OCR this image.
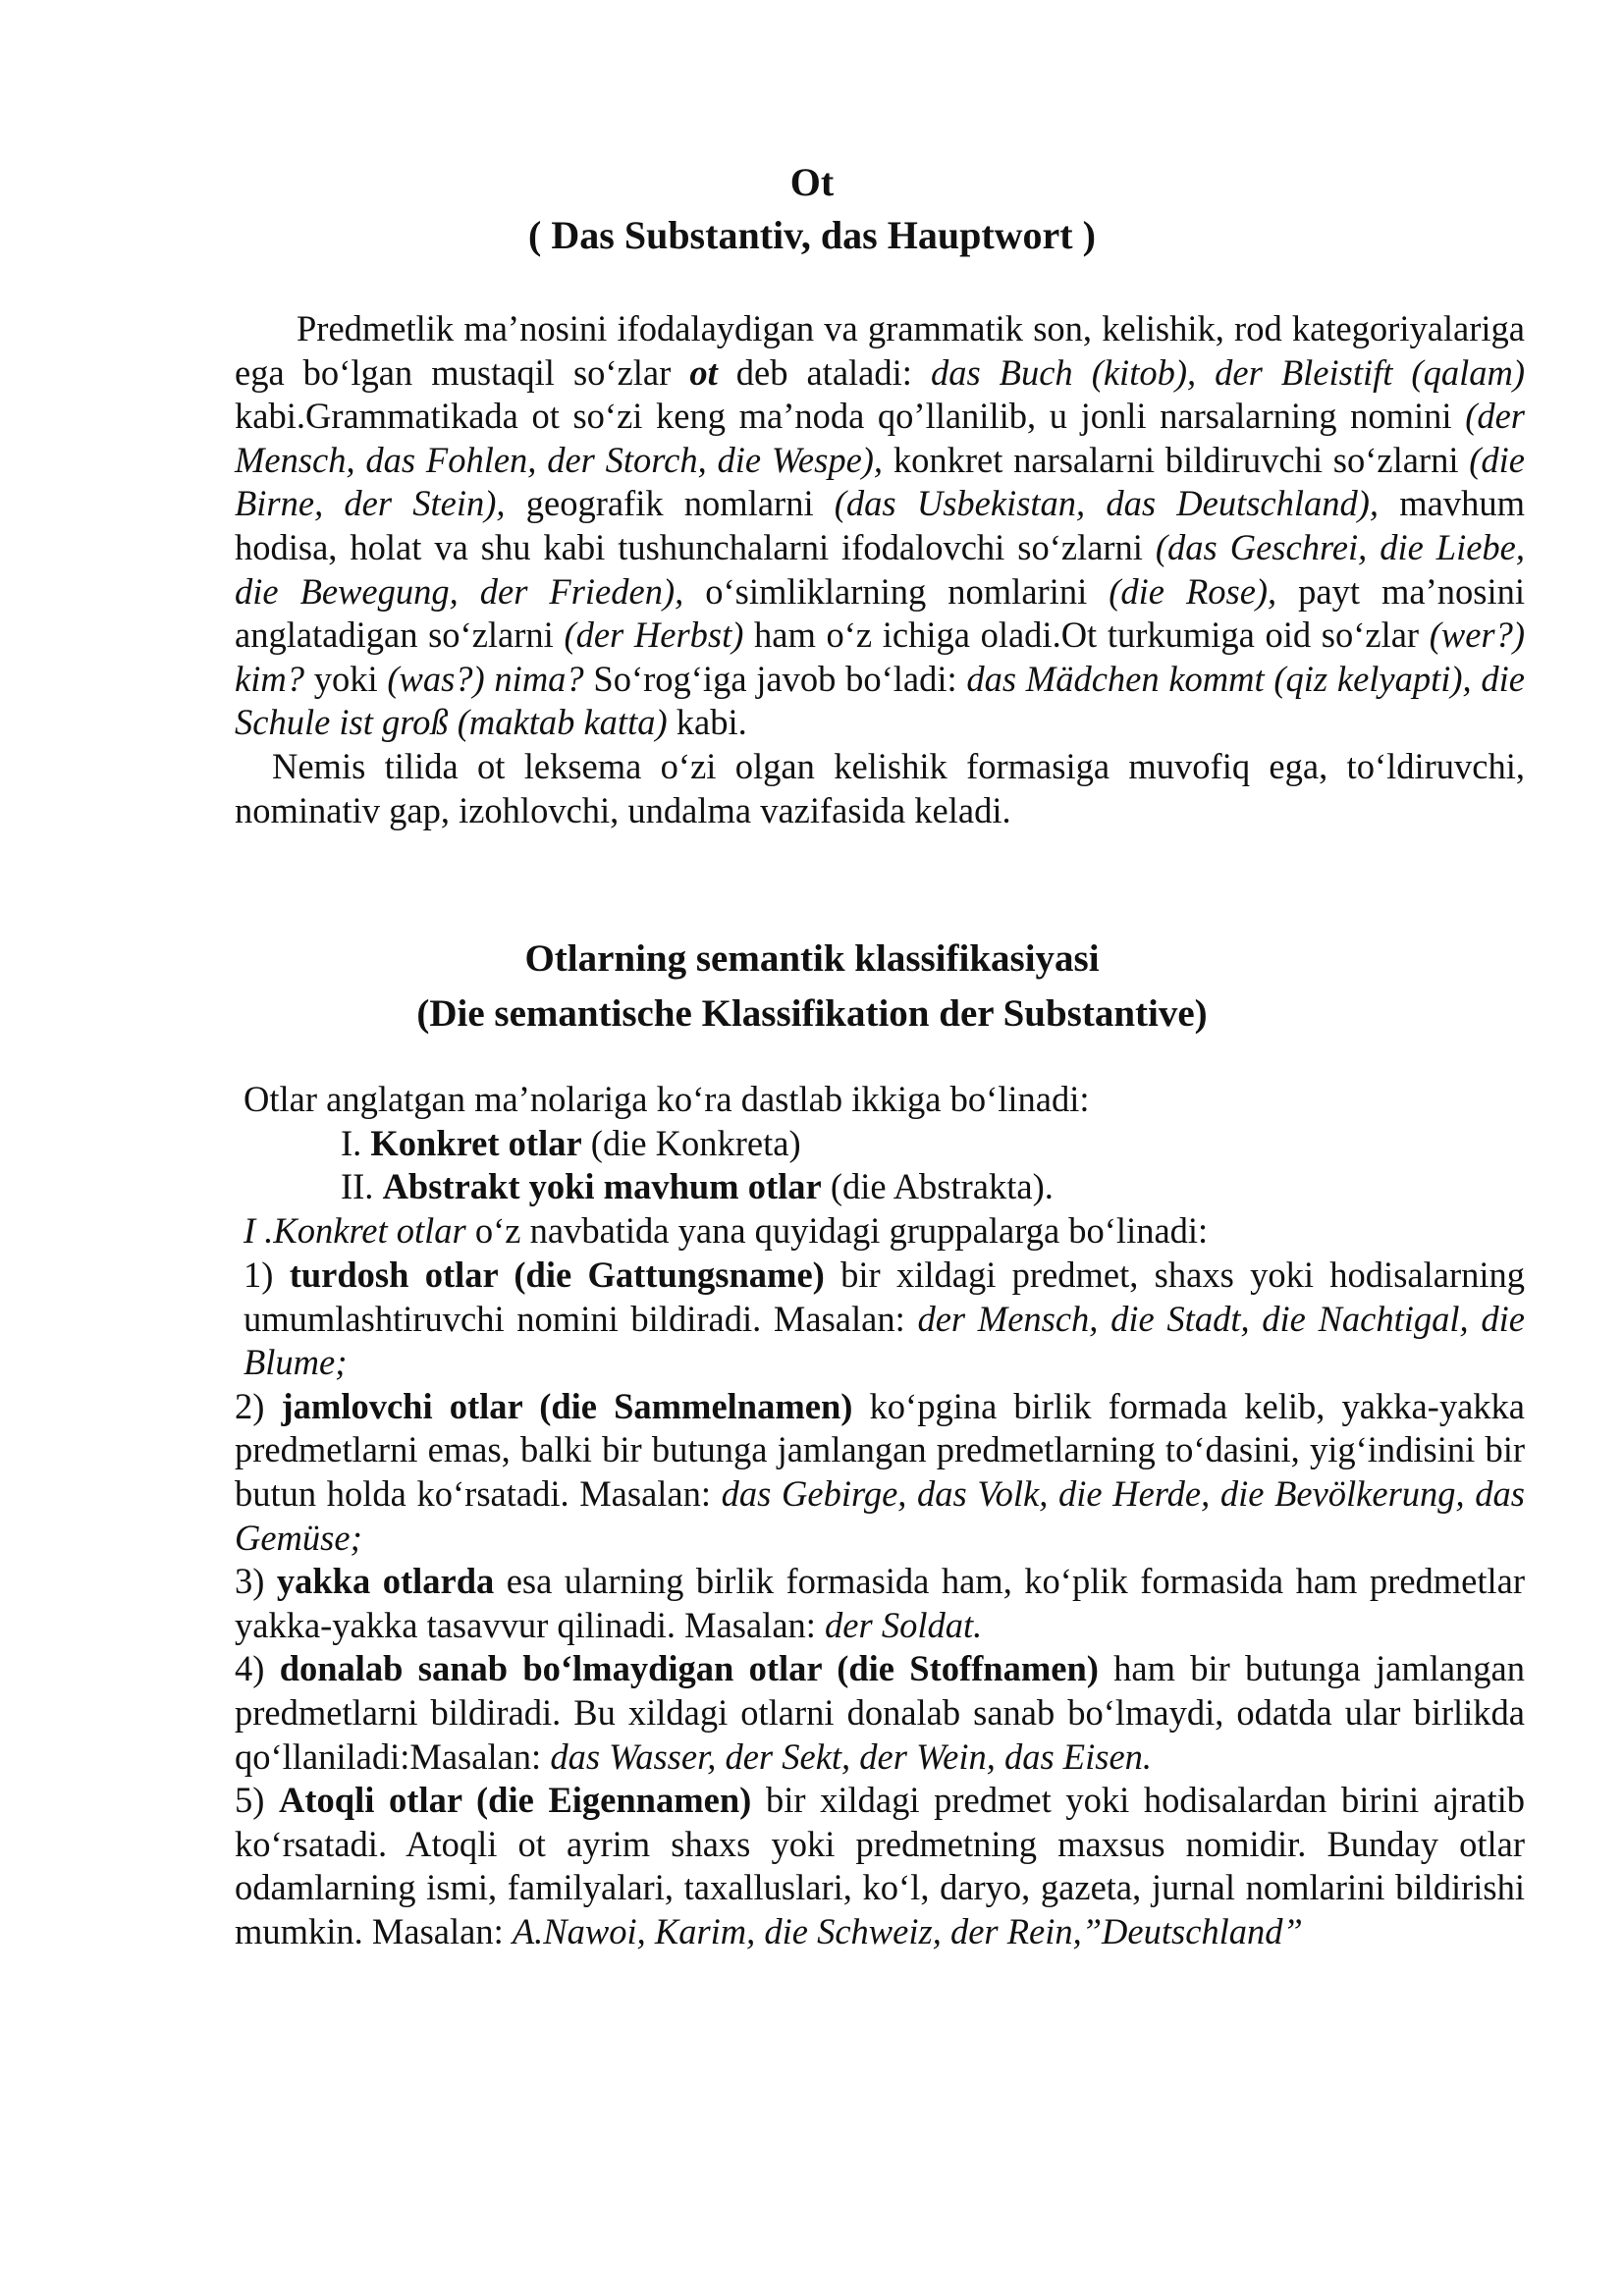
Ot
( Das Substantiv, das Hauptwort )

Predmetlik ma’nosini ifodalaydigan va grammatik son, kelishik, rod kategoriyalariga ega bo‘lgan mustaqil so‘zlar ot deb ataladi: das Buch (kitob), der Bleistift (qalam) kabi.Grammatikada ot so‘zi keng ma’noda qo’llanilib, u jonli narsalarning nomini (der Mensch, das Fohlen, der Storch, die Wespe), konkret narsalarni bildiruvchi so‘zlarni (die Birne, der Stein), geografik nomlarni (das Usbekistan, das Deutschland), mavhum hodisa, holat va shu kabi tushunchalarni ifodalovchi so‘zlarni (das Geschrei, die Liebe, die Bewegung, der Frieden), o‘simliklarning nomlarini (die Rose), payt ma’nosini anglatadigan so‘zlarni (der Herbst) ham o‘z ichiga oladi.Ot turkumiga oid so‘zlar (wer?) kim? yoki (was?) nima? So‘rog‘iga javob bo‘ladi: das Mädchen kommt (qiz kelyapti), die Schule ist groß (maktab katta) kabi.

Nemis tilida ot leksema o‘zi olgan kelishik formasiga muvofiq ega, to‘ldiruvchi, nominativ gap, izohlovchi, undalma vazifasida keladi.

Otlarning semantik klassifikasiyasi
(Die semantische Klassifikation der Substantive)

Otlar anglatgan ma’nolariga ko‘ra dastlab ikkiga bo‘linadi:

I. Konkret otlar (die Konkreta)

II. Abstrakt yoki mavhum otlar (die Abstrakta).

I .Konkret otlar o‘z navbatida yana quyidagi gruppalarga bo‘linadi:

1) turdosh otlar (die Gattungsname) bir xildagi predmet, shaxs yoki hodisalarning umumlashtiruvchi nomini bildiradi. Masalan: der Mensch, die Stadt, die Nachtigal, die Blume;

2) jamlovchi otlar (die Sammelnamen) ko‘pgina birlik formada kelib, yakka-yakka predmetlarni emas, balki bir butunga jamlangan predmetlarning to‘dasini, yig‘indisini bir butun holda ko‘rsatadi. Masalan: das Gebirge, das Volk, die Herde, die Bevölkerung, das Gemüse;

3) yakka otlarda esa ularning birlik formasida ham, ko‘plik formasida ham predmetlar yakka-yakka tasavvur qilinadi. Masalan: der Soldat.

4) donalab sanab bo‘lmaydigan otlar (die Stoffnamen) ham bir butunga jamlangan predmetlarni bildiradi. Bu xildagi otlarni donalab sanab bo‘lmaydi, odatda ular birlikda qo‘llaniladi:Masalan: das Wasser, der Sekt, der Wein, das Eisen.

5) Atoqli otlar (die Eigennamen) bir xildagi predmet yoki hodisalardan birini ajratib ko‘rsatadi. Atoqli ot ayrim shaxs yoki predmetning maxsus nomidir. Bunday otlar odamlarning ismi, familyalari, taxalluslari, ko‘l, daryo, gazeta, jurnal nomlarini bildirishi mumkin. Masalan: A.Nawoi, Karim, die Schweiz, der Rein,”Deutschland”
